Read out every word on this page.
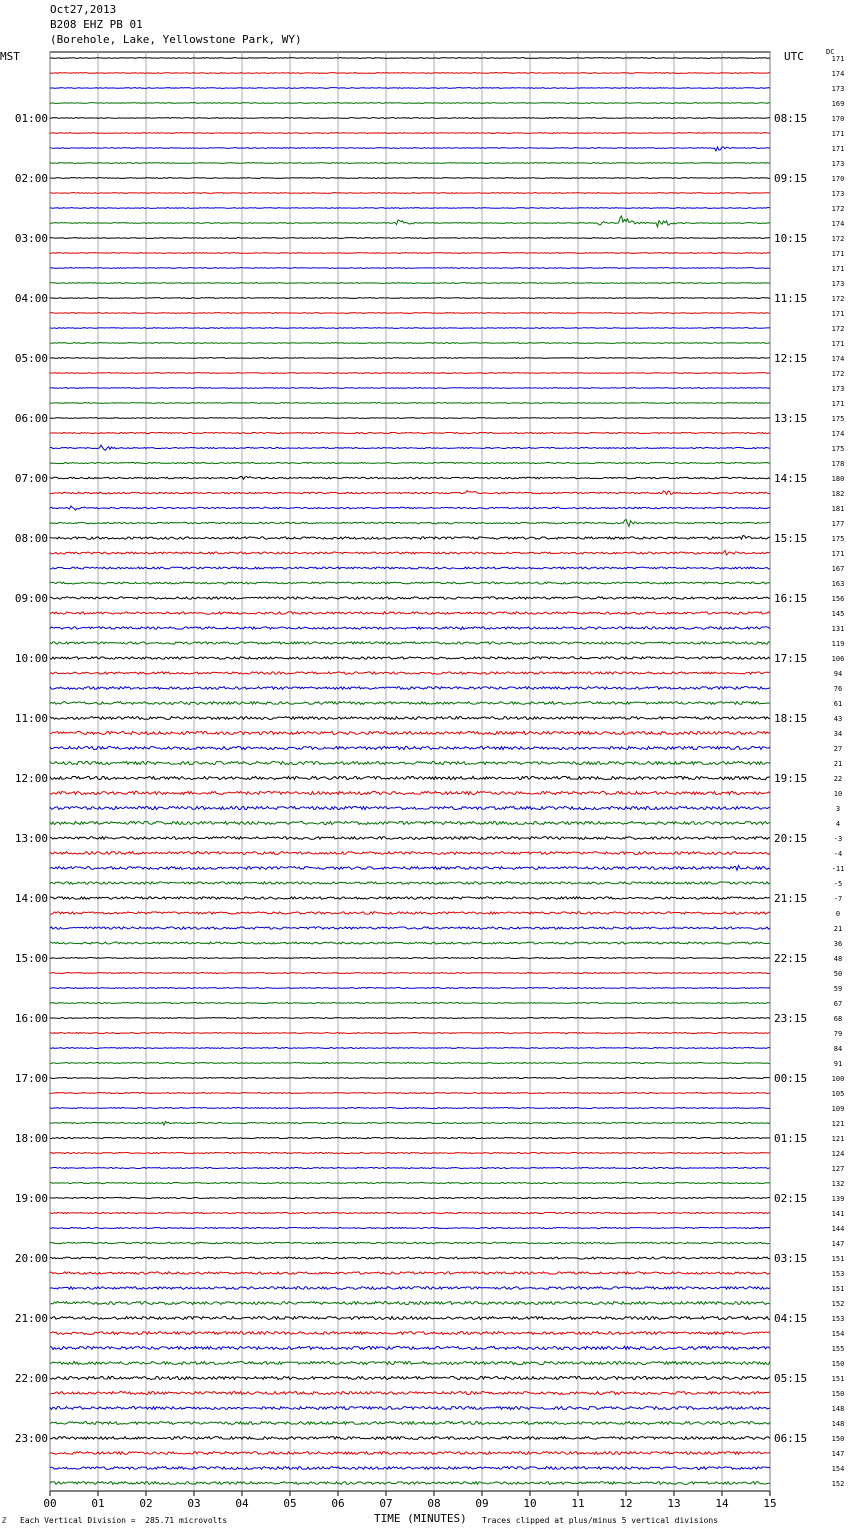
Oct27,2013
B208 EHZ PB 01
(Borehole, Lake, Yellowstone Park, WY)
MST	UTC	DC
00	01	02	03	04	05	06	07	08	09	10	11	12	13	14	15
171
174
173
169
170
171
171
173
170
173
172
174
172
171
171
173
172
171
172
171
174
172
173
171
175
174
175
178
180
182
181
177
175
171
167
163
156
145
131
119
106
94
76
61
43
34
27
21
22
10
3
4
-3
-4
-11
-5
-7
0
21
36
48
50
59
67
68
79
84
91
100
105
109
121
121
124
127
132
139
141
144
147
151
153
151
152
153
154
155
150
151
150
148
148
150
147
154
152
01:00	08:15
02:00	09:15
03:00	10:15
04:00	11:15
05:00	12:15
06:00	13:15
07:00	14:15
08:00	15:15
09:00	16:15
10:00	17:15
11:00	18:15
12:00	19:15
13:00	20:15
14:00	21:15
15:00	22:15
16:00	23:15
17:00	00:15
18:00	01:15
19:00	02:15
20:00	03:15
21:00	04:15
22:00	05:15
23:00	06:15
TIME (MINUTES)
ℤ Each Vertical Division =  285.71 microvolts	Traces clipped at plus/minus 5 vertical divisions
